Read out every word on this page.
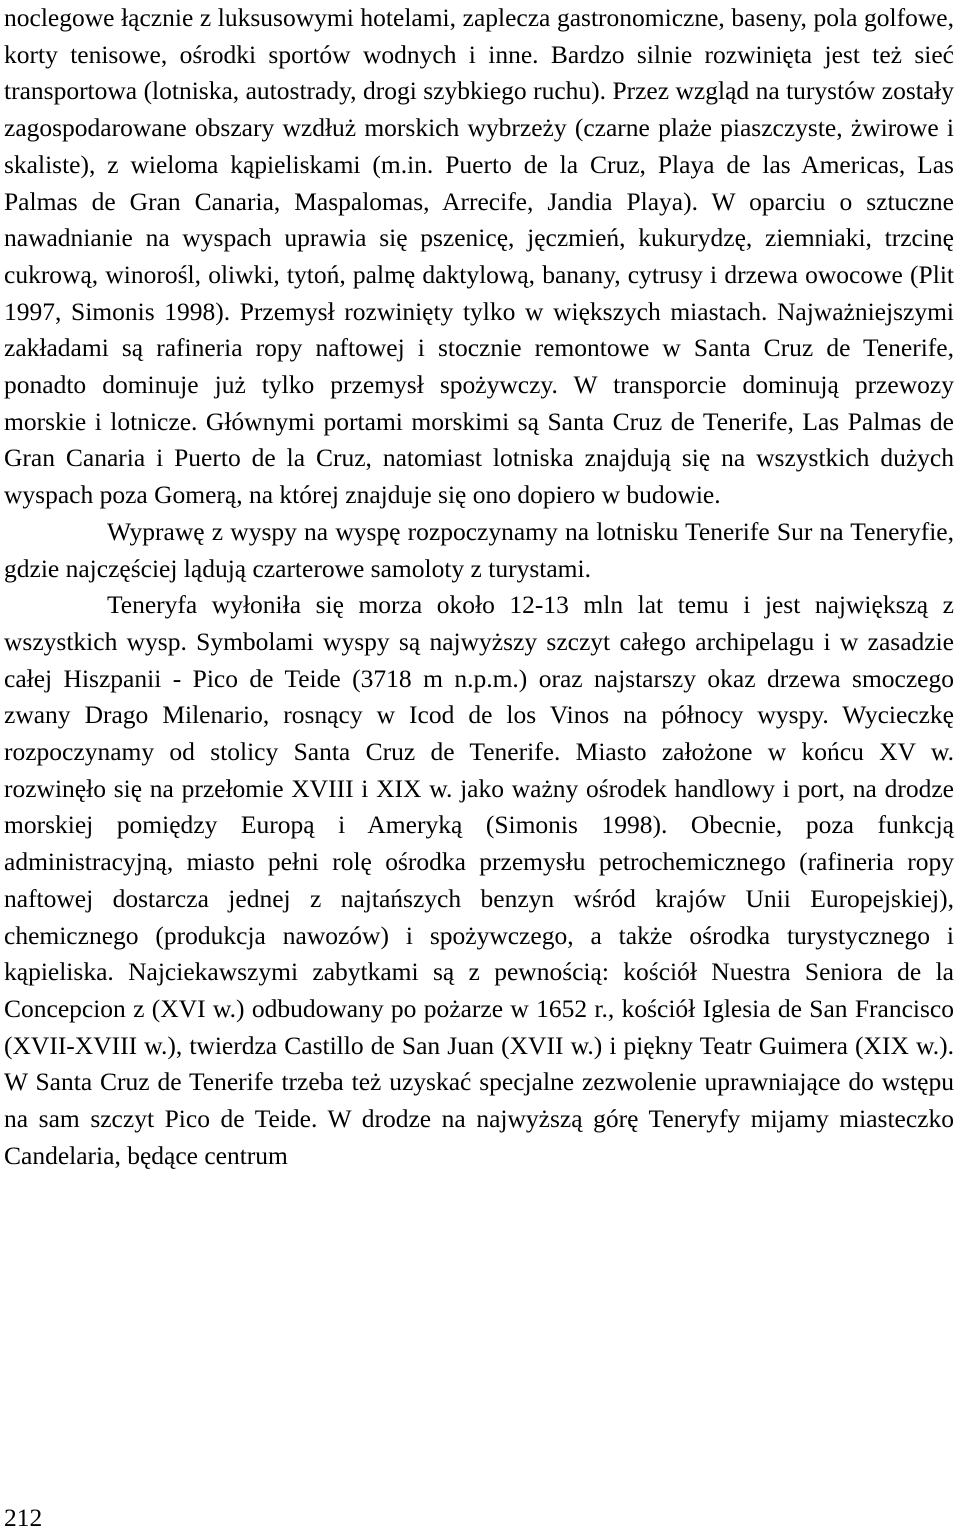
noclegowe łącznie z luksusowymi hotelami, zaplecza gastronomiczne, baseny, pola golfowe, korty tenisowe, ośrodki sportów wodnych i inne. Bardzo silnie rozwinięta jest też sieć transportowa (lotniska, autostrady, drogi szybkiego ruchu). Przez wzgląd na turystów zostały zagospodarowane obszary wzdłuż morskich wybrzeży (czarne plaże piaszczyste, żwirowe i skaliste), z wieloma kąpieliskami (m.in. Puerto de la Cruz, Playa de las Americas, Las Palmas de Gran Canaria, Maspalomas, Arrecife, Jandia Playa). W oparciu o sztuczne nawadnianie na wyspach uprawia się pszenicę, jęczmień, kukurydzę, ziemniaki, trzcinę cukrową, winorośl, oliwki, tytoń, palmę daktylową, banany, cytrusy i drzewa owocowe (Plit 1997, Simonis 1998). Przemysł rozwinięty tylko w większych miastach. Najważniejszymi zakładami są rafineria ropy naftowej i stocznie remontowe w Santa Cruz de Tenerife, ponadto dominuje już tylko przemysł spożywczy. W transporcie dominują przewozy morskie i lotnicze. Głównymi portami morskimi są Santa Cruz de Tenerife, Las Palmas de Gran Canaria i Puerto de la Cruz, natomiast lotniska znajdują się na wszystkich dużych wyspach poza Gomerą, na której znajduje się ono dopiero w budowie.

Wyprawę z wyspy na wyspę rozpoczynamy na lotnisku Tenerife Sur na Teneryfie, gdzie najczęściej lądują czarterowe samoloty z turystami.

Teneryfa wyłoniła się morza około 12-13 mln lat temu i jest największą z wszystkich wysp. Symbolami wyspy są najwyższy szczyt całego archipelagu i w zasadzie całej Hiszpanii - Pico de Teide (3718 m n.p.m.) oraz najstarszy okaz drzewa smoczego zwany Drago Milenario, rosnący w Icod de los Vinos na północy wyspy. Wycieczkę rozpoczynamy od stolicy Santa Cruz de Tenerife. Miasto założone w końcu XV w. rozwinęło się na przełomie XVIII i XIX w. jako ważny ośrodek handlowy i port, na drodze morskiej pomiędzy Europą i Ameryką (Simonis 1998). Obecnie, poza funkcją administracyjną, miasto pełni rolę ośrodka przemysłu petrochemicznego (rafineria ropy naftowej dostarcza jednej z najtańszych benzyn wśród krajów Unii Europejskiej), chemicznego (produkcja nawozów) i spożywczego, a także ośrodka turystycznego i kąpieliska. Najciekawszymi zabytkami są z pewnością: kościół Nuestra Seniora de la Concepcion z (XVI w.) odbudowany po pożarze w 1652 r., kościół Iglesia de San Francisco (XVII-XVIII w.), twierdza Castillo de San Juan (XVII w.) i piękny Teatr Guimera (XIX w.). W Santa Cruz de Tenerife trzeba też uzyskać specjalne zezwolenie uprawniające do wstępu na sam szczyt Pico de Teide. W drodze na najwyższą górę Teneryfy mijamy miasteczko Candelaria, będące centrum

212
